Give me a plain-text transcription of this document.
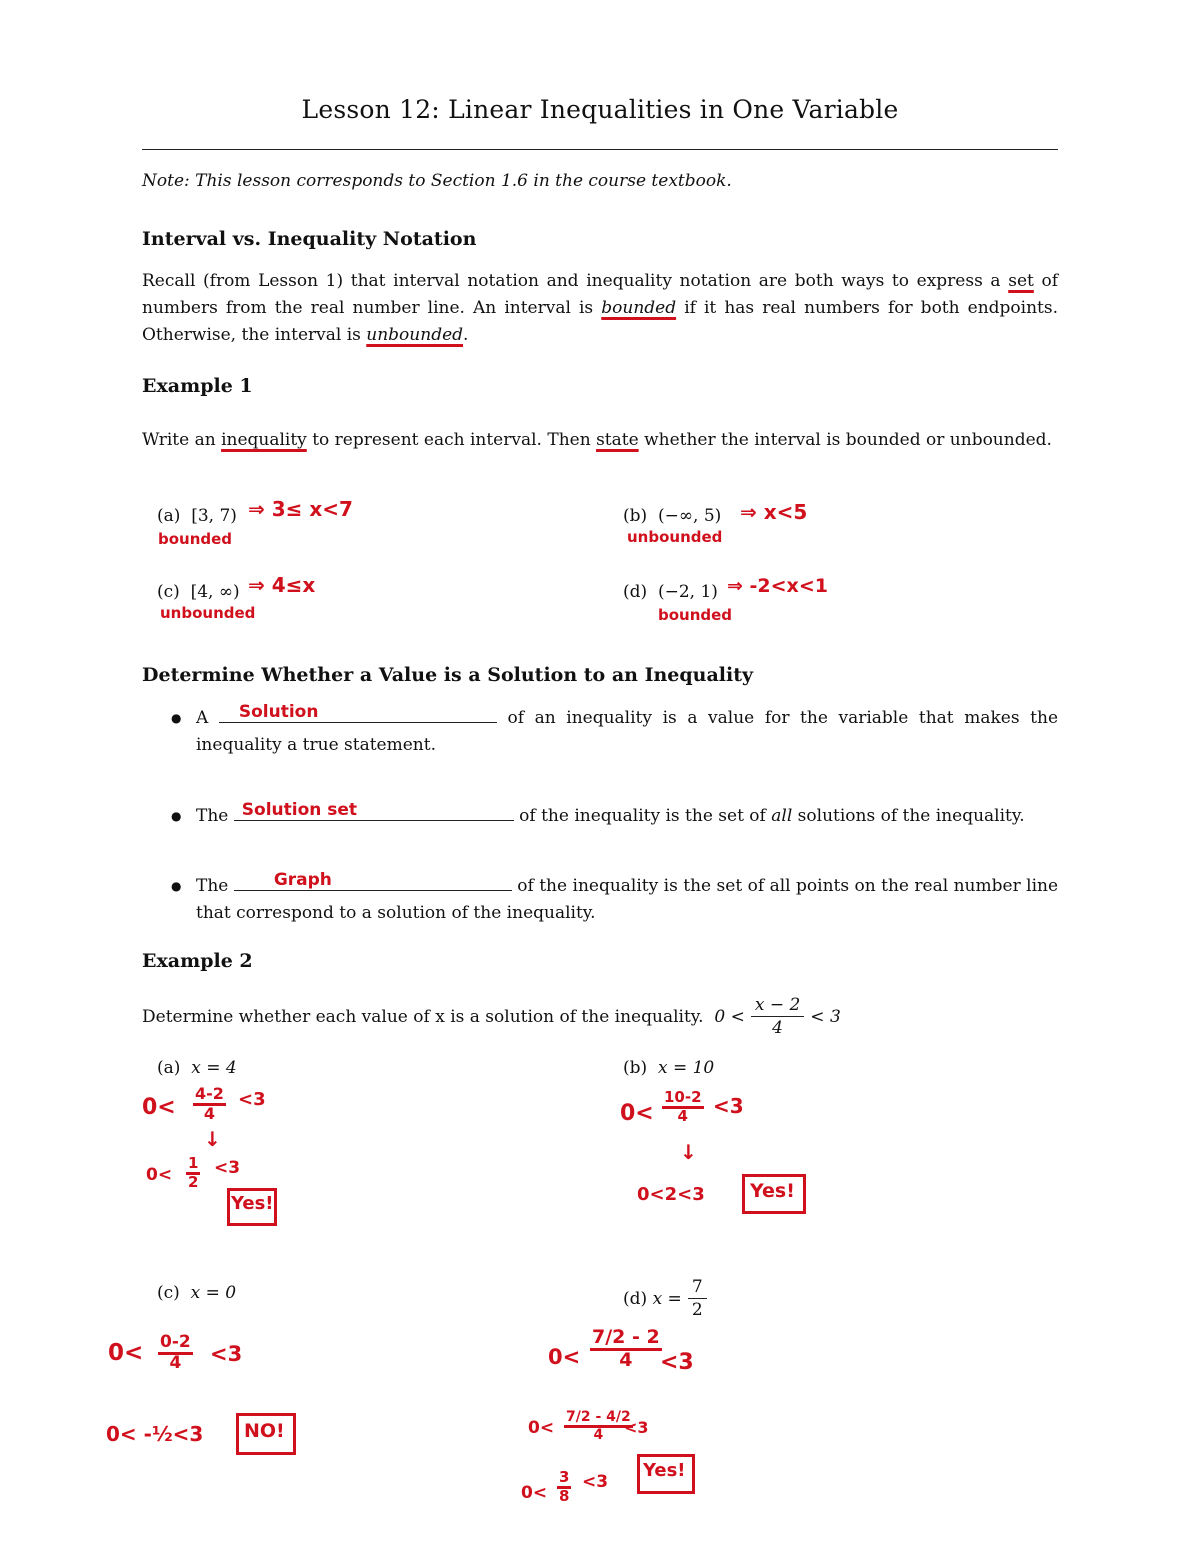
Lesson 12: Linear Inequalities in One Variable
Note: This lesson corresponds to Section 1.6 in the course textbook.
Interval vs. Inequality Notation
Recall (from Lesson 1) that interval notation and inequality notation are both ways to express a set of numbers from the real number line. An interval is bounded if it has real numbers for both endpoints. Otherwise, the interval is unbounded.
Example 1
Write an inequality to represent each interval. Then state whether the interval is bounded or unbounded.
(a) [3, 7) ⇒ 3≤ x<7
bounded
(b) (−∞, 5) ⇒ x<5
unbounded
(c) [4, ∞) ⇒ 4≤x
unbounded
(d) (−2, 1) ⇒ -2<x<1
bounded
Determine Whether a Value is a Solution to an Inequality
● A Solution	of an inequality is a value for the variable that makes the inequality a true statement.
● The Solution set	of the inequality is the set of all solutions of the inequality.
● The	Graph	of the inequality is the set of all points on the real number line that correspond to a solution of the inequality.
Example 2
Determine whether each value of x is a solution of the inequality.
$0 < \frac{x - 2}{4} < 3$
(a) x = 4	(b) x = 10
(c) x = 0	(d)
$x = \frac{7}{2}$
$0< \frac{4-2}{4} <3$
↓
$0< \frac{1}{2} <3$
Yes!
$0< \frac{10-2}{4} <3$
↓
0<2<3 Yes!
$0< \frac{0-2}{4} <3$
0< -½<3 NO!
$0< \frac{7/2 - 2}{4}$
<3
$0< \frac{7/2 - 4/2}{4}$
<3
$0< \frac{3}{8} <3$
Yes!
